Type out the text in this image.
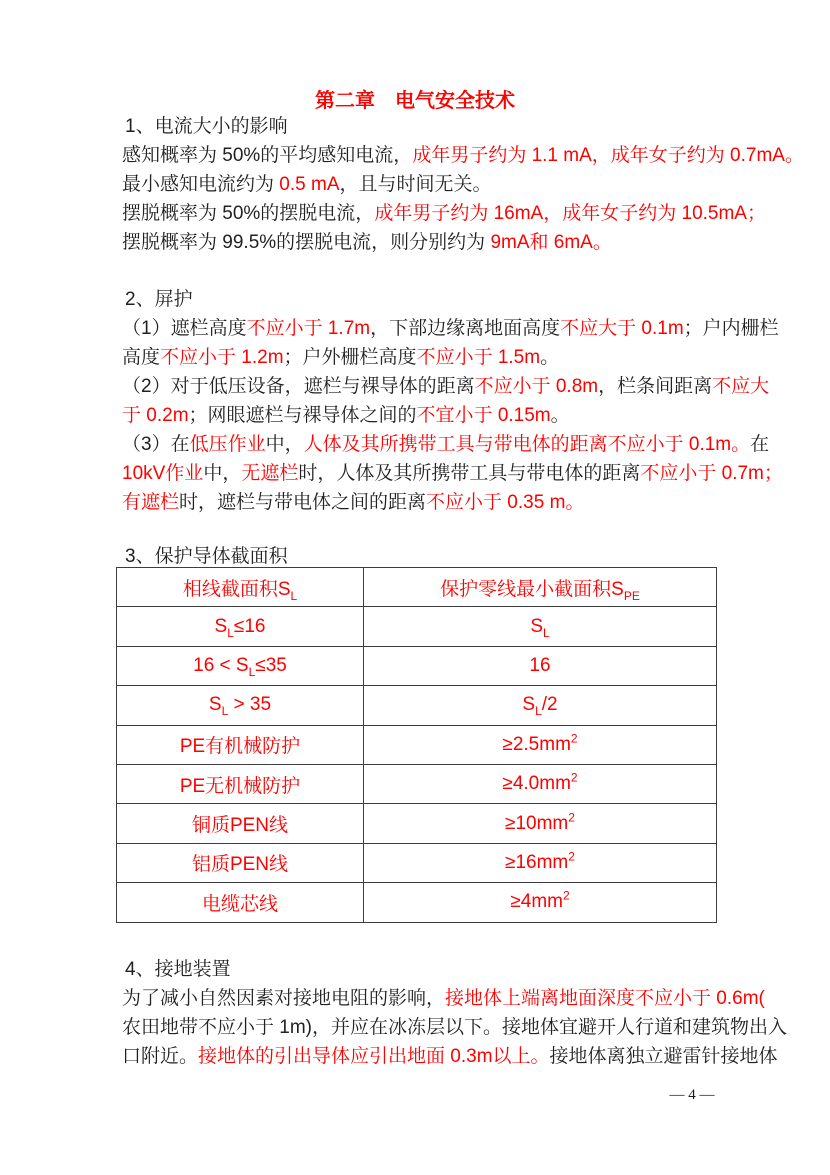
第二章　电气安全技术
1、电流大小的影响
感知概率为 50%的平均感知电流，成年男子约为 1.1 mA，成年女子约为 0.7mA。
最小感知电流约为 0.5 mA，且与时间无关。
摆脱概率为 50%的摆脱电流，成年男子约为 16mA，成年女子约为 10.5mA；
摆脱概率为 99.5%的摆脱电流，则分别约为 9mA和 6mA。
2、屏护
（1）遮栏高度不应小于 1.7m，下部边缘离地面高度不应大于 0.1m；户内栅栏
高度不应小于 1.2m；户外栅栏高度不应小于 1.5m。
（2）对于低压设备，遮栏与裸导体的距离不应小于 0.8m，栏条间距离不应大
于 0.2m；网眼遮栏与裸导体之间的不宜小于 0.15m。
（3）在低压作业中，人体及其所携带工具与带电体的距离不应小于 0.1m。在
10kV作业中，无遮栏时，人体及其所携带工具与带电体的距离不应小于 0.7m；
有遮栏时，遮栏与带电体之间的距离不应小于 0.35 m。
3、保护导体截面积
相线截面积$S_L$	保护零线最小截面积$S_{PE}$
$S_L\le 16$	$S_L$
$16 < S_L\le 35$	16
$S_L > 35$	$S_L/2$
PE有机械防护	$\ge 2.5mm^2$
PE无机械防护	$\ge 4.0mm^2$
铜质PEN线	$\ge 10mm^2$
铝质PEN线	$\ge 16mm^2$
电缆芯线	$\ge 4mm^2$
4、接地装置
为了减小自然因素对接地电阻的影响，接地体上端离地面深度不应小于 0.6m(
农田地带不应小于 1m)，并应在冰冻层以下。接地体宜避开人行道和建筑物出入
口附近。接地体的引出导体应引出地面 0.3m以上。接地体离独立避雷针接地体
— 4 —
